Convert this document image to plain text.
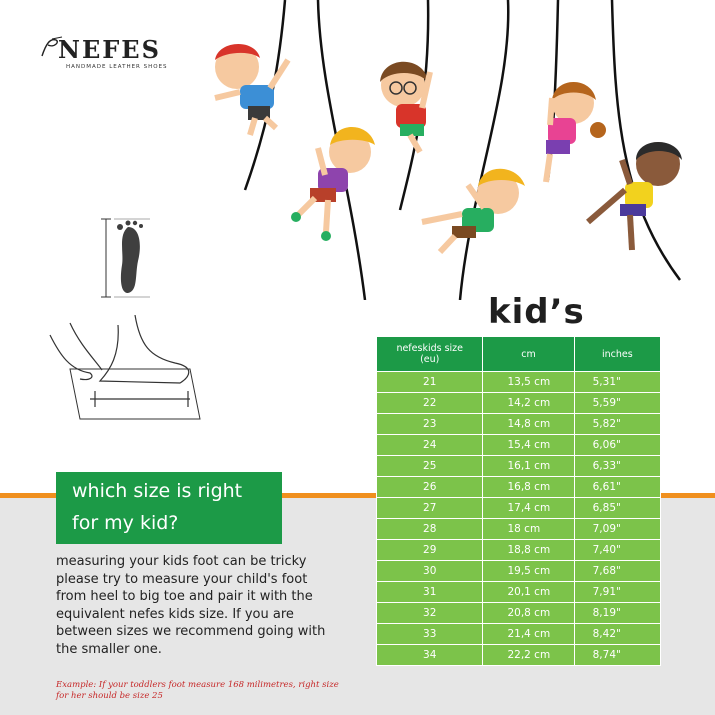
NEFES
HANDMADE LEATHER SHOES
kid’s
nefeskids size
(eu)	cm	inches
21	13,5 cm	5,31"
22	14,2 cm	5,59"
23	14,8 cm	5,82"
24	15,4 cm	6,06"
25	16,1 cm	6,33"
26	16,8 cm	6,61"
27	17,4 cm	6,85"
28	18 cm	7,09"
29	18,8 cm	7,40"
30	19,5 cm	7,68"
31	20,1 cm	7,91"
32	20,8 cm	8,19"
33	21,4 cm	8,42"
34	22,2 cm	8,74"
which size is right
for my kid?

measuring your kids foot can be tricky please try to measure your child's foot from heel to big toe and pair it with the equivalent nefes kids size. If you are between sizes we recommend going with the smaller one.

Example: If your toddlers foot measure 168 milimetres, right size for her should be size 25
